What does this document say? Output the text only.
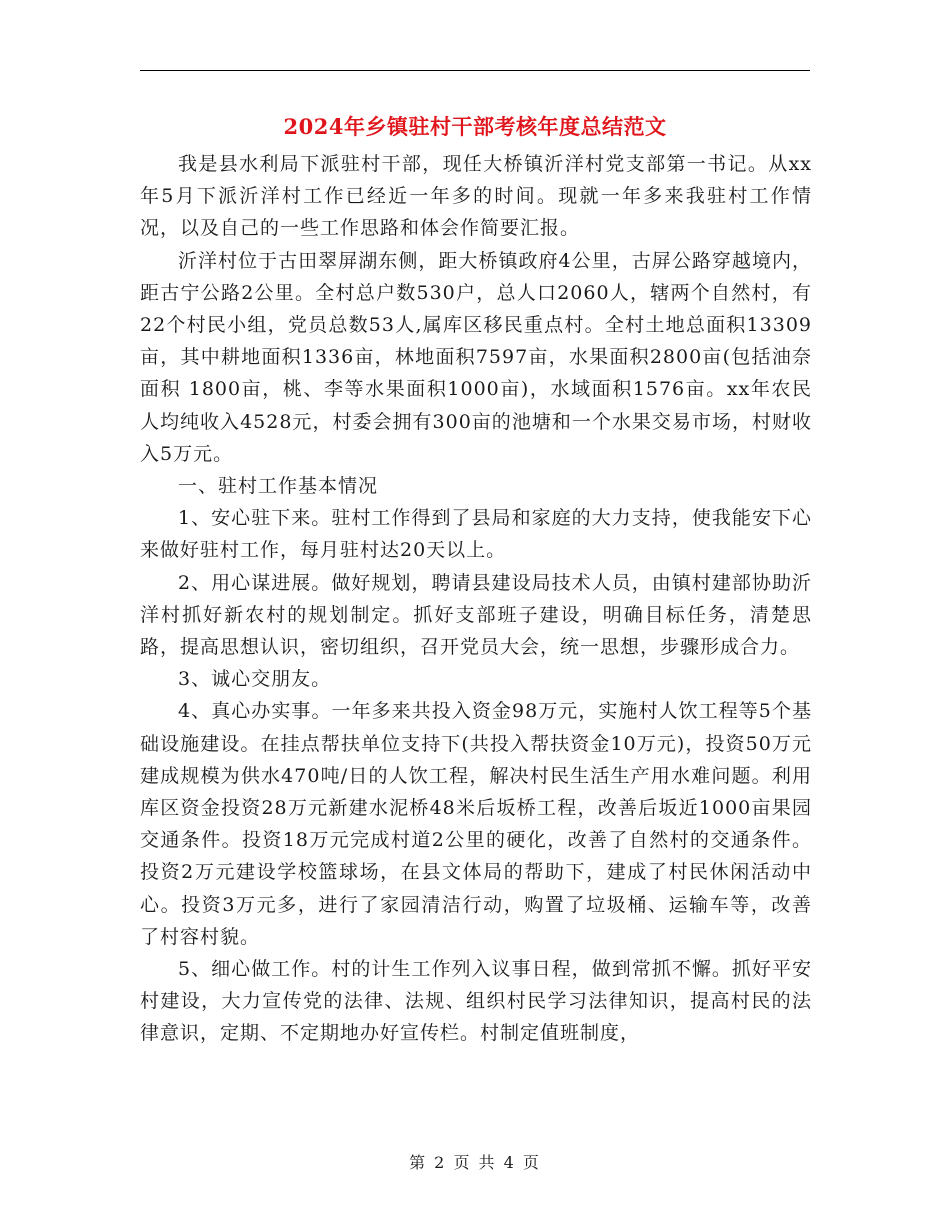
2024年乡镇驻村干部考核年度总结范文

我是县水利局下派驻村干部，现任大桥镇沂洋村党支部第一书记。从xx年5月下派沂洋村工作已经近一年多的时间。现就一年多来我驻村工作情况，以及自己的一些工作思路和体会作简要汇报。

沂洋村位于古田翠屏湖东侧，距大桥镇政府4公里，古屏公路穿越境内，距古宁公路2公里。全村总户数530户，总人口2060人，辖两个自然村，有22个村民小组，党员总数53人,属库区移民重点村。全村土地总面积13309亩，其中耕地面积1336亩，林地面积7597亩，水果面积2800亩(包括油奈面积 1800亩，桃、李等水果面积1000亩)，水域面积1576亩。xx年农民人均纯收入4528元，村委会拥有300亩的池塘和一个水果交易市场，村财收入5万元。

一、驻村工作基本情况

1、安心驻下来。驻村工作得到了县局和家庭的大力支持，使我能安下心来做好驻村工作，每月驻村达20天以上。

2、用心谋进展。做好规划，聘请县建设局技术人员，由镇村建部协助沂洋村抓好新农村的规划制定。抓好支部班子建设，明确目标任务，清楚思路，提高思想认识，密切组织，召开党员大会，统一思想，步骤形成合力。

3、诚心交朋友。

4、真心办实事。一年多来共投入资金98万元，实施村人饮工程等5个基础设施建设。在挂点帮扶单位支持下(共投入帮扶资金10万元)，投资50万元建成规模为供水470吨/日的人饮工程，解决村民生活生产用水难问题。利用库区资金投资28万元新建水泥桥48米后坂桥工程，改善后坂近1000亩果园交通条件。投资18万元完成村道2公里的硬化，改善了自然村的交通条件。投资2万元建设学校篮球场，在县文体局的帮助下，建成了村民休闲活动中心。投资3万元多，进行了家园清洁行动，购置了垃圾桶、运输车等，改善了村容村貌。

5、细心做工作。村的计生工作列入议事日程，做到常抓不懈。抓好平安村建设，大力宣传党的法律、法规、组织村民学习法律知识，提高村民的法律意识，定期、不定期地办好宣传栏。村制定值班制度，

第 2 页 共 4 页
